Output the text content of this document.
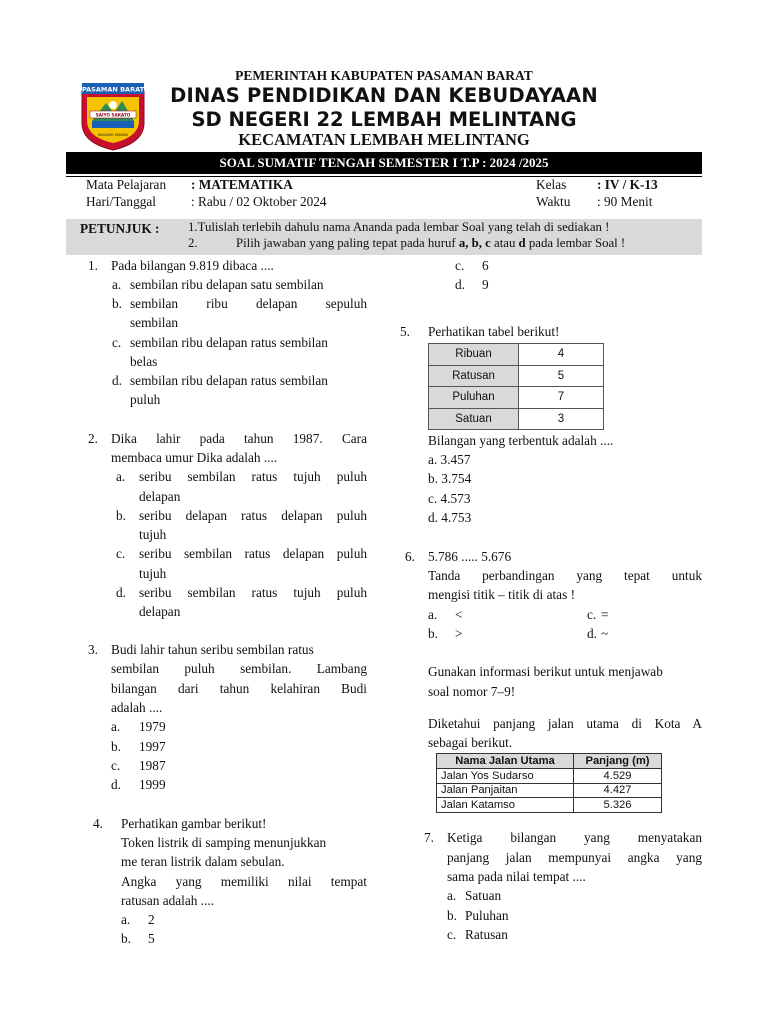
PASAMAN BARAT
SAIYO SAKATO
BASAMO MAKAN
PEMERINTAH KABUPATEN PASAMAN BARAT
DINAS PENDIDIKAN DAN KEBUDAYAAN
SD NEGERI 22 LEMBAH MELINTANG
KECAMATAN LEMBAH MELINTANG
SOAL SUMATIF TENGAH SEMESTER I T.P : 2024 /2025
Mata Pelajaran : MATEMATIKA
Hari/Tanggal	: Rabu / 02 Oktober 2024
Kelas : IV / K-13
Waktu : 90 Menit
PETUNJUK : 1.Tulislah terlebih dahulu nama Ananda pada lembar Soal yang telah di sediakan !
2.	Pilih jawaban yang paling tepat pada huruf a, b, c atau d pada lembar Soal !
1. Pada bilangan 9.819 dibaca ....
a. sembilan ribu delapan satu sembilan
b. sembilan ribu delapan sepuluh
sembilan
c. sembilan ribu delapan ratus sembilan
belas
d. sembilan ribu delapan ratus sembilan
puluh
2. Dika lahir pada tahun 1987. Cara
membaca umur Dika adalah ....
a. seribu sembilan ratus tujuh puluh
delapan
b. seribu delapan ratus delapan puluh
tujuh
c. seribu sembilan ratus delapan puluh
tujuh
d. seribu sembilan ratus tujuh puluh
delapan
3. Budi lahir tahun seribu sembilan ratus
sembilan puluh sembilan. Lambang
bilangan dari tahun kelahiran Budi
adalah ....
a. 1979
b. 1997
c. 1987
d. 1999
4. Perhatikan gambar berikut!
Token listrik di samping menunjukkan
me teran listrik dalam sebulan.
Angka yang memiliki nilai tempat
ratusan adalah ....
a. 2
b. 5
c. 6
d. 9
5. Perhatikan tabel berikut!
Ribuan	4
Ratusan	5
Puluhan	7
Satuan	3
Bilangan yang terbentuk adalah ....
a. 3.457
b. 3.754
c. 4.573
d. 4.753
6. 5.786 ..... 5.676
Tanda perbandingan yang tepat untuk
mengisi titik – titik di atas !
a. <
b. >
c. =
d. ~
Gunakan informasi berikut untuk menjawab
soal nomor 7–9!
Diketahui panjang jalan utama di Kota A
sebagai berikut.
Nama Jalan Utama	Panjang (m)
Jalan Yos Sudarso	4.529
Jalan Panjaitan	4.427
Jalan Katamso	5.326
7. Ketiga bilangan yang menyatakan
panjang jalan mempunyai angka yang
sama pada nilai tempat ....
a. Satuan
b. Puluhan
c. Ratusan
